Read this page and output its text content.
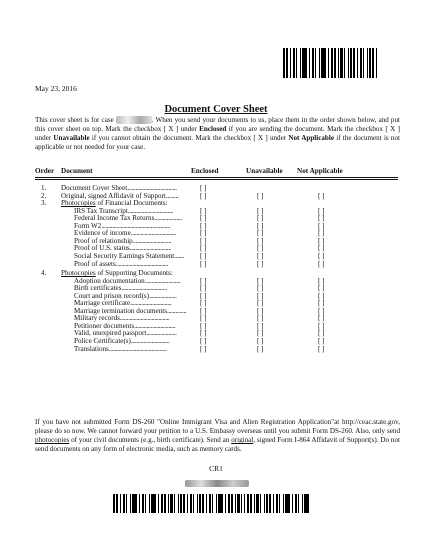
May 23, 2016
Document Cover Sheet
This cover sheet is for case	. When you send your documents to us, place them in the order shown below, and put this cover sheet on top. Mark the checkbox [ X ] under Enclosed if you are sending the document. Mark the checkbox [ X ] under Unavailable if you cannot obtain the document. Mark the checkbox [ X ] under Not Applicable if the document is not applicable or not needed for your case.
Order Document	Enclosed	Unavailable Not Applicable
1. Document Cover Sheet....................................	[ ]
2. Original, signed Affidavit of Support.........	[ ]	[ ]	[ ]
3. Photocopies of Financial Documents:
IRS Tax Transcript.................................	[ ]	[ ]	[ ]
Federal Income Tax Returns....................	[ ]	[ ]	[ ]
Form W2..................................................	[ ]	[ ]	[ ]
Evidence of income.................................	[ ]	[ ]	[ ]
Proof of relationship............................	[ ]	[ ]	[ ]
Proof of U.S. status..............................	[ ]	[ ]	[ ]
Social Security Earnings Statement....... [ ]	[ ]	[ ]
Proof of assets......................................	[ ]	[ ]	[ ]
4. Photocopies of Supporting Documents:
Adoption documentation..........................	[ ]	[ ]	[ ]
Birth certificates.................................	[ ]	[ ]	[ ]
Court and prison record(s)....................	[ ]	[ ]	[ ]
Marriage certificate..............................	[ ]	[ ]	[ ]
Marriage termination documents.............. [ ]	[ ]	[ ]
Military records....................................	[ ]	[ ]	[ ]
Petitioner documents..............................	[ ]	[ ]	[ ]
Valid, unexpired passport......................	[ ]	[ ]	[ ]
Police Certificate(s)............................	[ ]	[ ]	[ ]
Translations..........................................	[ ]	[ ]	[ ]
If you have not submitted Form DS-260 "Online Immigrant Visa and Alien Registration Application"at http://ceac.state.gov, please do so now. We cannot forward your petition to a U.S. Embassy overseas until you submit Form DS-260. Also, only send photocopies of your civil documents (e.g., birth certificate). Send an original, signed Form I-864 Affidavit of Support(s). Do not send documents on any form of electronic media, such as memory cards.
CR1
